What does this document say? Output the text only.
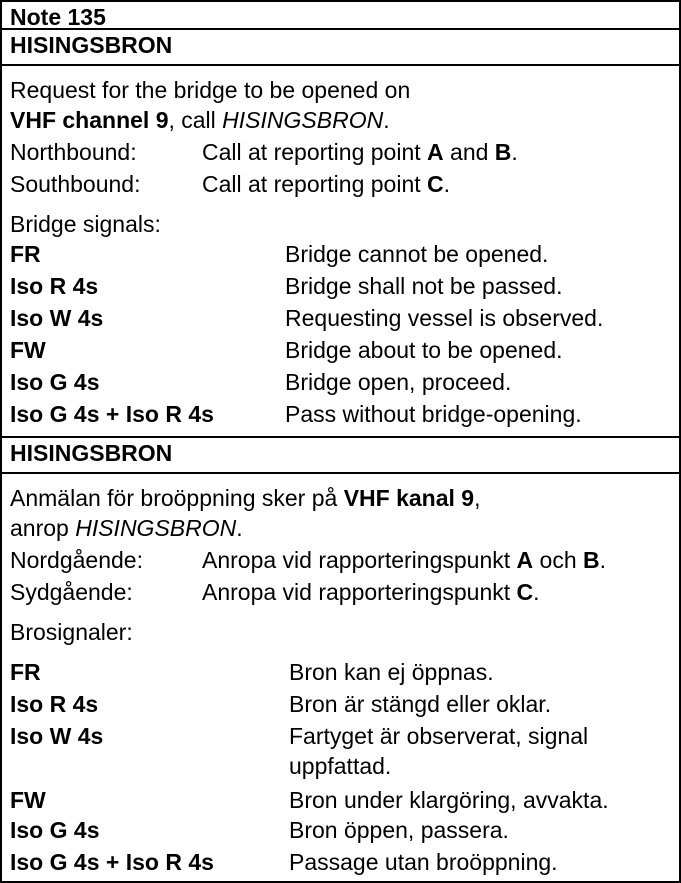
Note 135
HISINGSBRON
Request for the bridge to be opened on
VHF channel 9, call HISINGSBRON.
Northbound:	Call at reporting point A and B.
Southbound:	Call at reporting point C.
Bridge signals:
FR	Bridge cannot be opened.
Iso R 4s	Bridge shall not be passed.
Iso W 4s	Requesting vessel is observed.
FW	Bridge about to be opened.
Iso G 4s	Bridge open, proceed.
Iso G 4s + Iso R 4s	Pass without bridge-opening.
HISINGSBRON
Anmälan för broöppning sker på VHF kanal 9,
anrop HISINGSBRON.
Nordgående:	Anropa vid rapporteringspunkt A och B.
Sydgående:	Anropa vid rapporteringspunkt C.
Brosignaler:
FR	Bron kan ej öppnas.
Iso R 4s	Bron är stängd eller oklar.
Iso W 4s	Fartyget är observerat, signal
uppfattad.
FW	Bron under klargöring, avvakta.
Iso G 4s	Bron öppen, passera.
Iso G 4s + Iso R 4s	Passage utan broöppning.
